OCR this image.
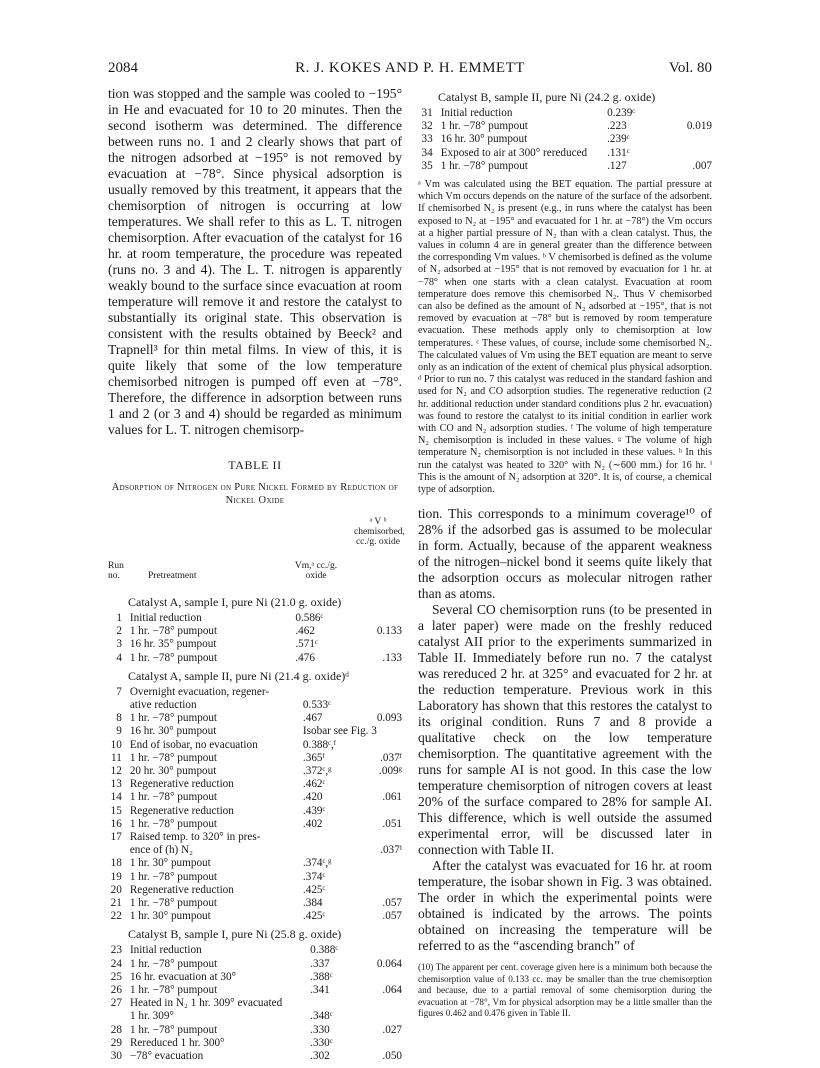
2084	R. J. KOKES AND P. H. EMMETT	Vol. 80

tion was stopped and the sample was cooled to −195° in He and evacuated for 10 to 20 minutes. Then the second isotherm was determined. The difference between runs no. 1 and 2 clearly shows that part of the nitrogen adsorbed at −195° is not removed by evacuation at −78°. Since physical adsorption is usually removed by this treatment, it appears that the chemisorption of nitrogen is occurring at low temperatures. We shall refer to this as L. T. nitrogen chemisorption. After evacuation of the catalyst for 16 hr. at room temperature, the procedure was repeated (runs no. 3 and 4). The L. T. nitrogen is apparently weakly bound to the surface since evacuation at room temperature will remove it and restore the catalyst to substantially its original state. This observation is consistent with the results obtained by Beeck² and Trapnell³ for thin metal films. In view of this, it is quite likely that some of the low temperature chemisorbed nitrogen is pumped off even at −78°. Therefore, the difference in adsorption between runs 1 and 2 (or 3 and 4) should be regarded as minimum values for L. T. nitrogen chemisorp-

TABLE II
Adsorption of Nitrogen on Pure Nickel Formed by Reduction of Nickel Oxide
Run no.	Pretreatment
Vm,ᵃ cc./g. oxide
ᵃ V ᵇ chemisorbed, cc./g. oxide
Catalyst A, sample I, pure Ni (21.0 g. oxide)
1	Initial reduction	0.586ᶜ	
2	1 hr. −78° pumpout	.462	0.133
3	16 hr. 35° pumpout	.571ᶜ	
4	1 hr. −78° pumpout	.476	.133
Catalyst A, sample II, pure Ni (21.4 g. oxide)ᵈ
7	Overnight evacuation, regener-		
	ative reduction	0.533ᶜ	
8	1 hr. −78° pumpout	.467	0.093
9	16 hr. 30° pumpout	Isobar see Fig. 3	
10	End of isobar, no evacuation	0.388ᶜ,ᶠ	
11	1 hr. −78° pumpout	.365ᶠ	.037ᶠ
12	20 hr. 30° pumpout	.372ᶜ,ᵍ	.009ᵍ
13	Regenerative reduction	.462ᶜ	
14	1 hr. −78° pumpout	.420	.061
15	Regenerative reduction	.439ᶜ	
16	1 hr. −78° pumpout	.402	.051
17	Raised temp. to 320° in pres-		
	ence of (h) N₂		.037ⁱ
18	1 hr. 30° pumpout	.374ᶜ,ᵍ	
19	1 hr. −78° pumpout	.374ᶜ	
20	Regenerative reduction	.425ᶜ	
21	1 hr. −78° pumpout	.384	.057
22	1 hr. 30° pumpout	.425ᶜ	.057
Catalyst B, sample I, pure Ni (25.8 g. oxide)
23	Initial reduction	0.388ᶜ	
24	1 hr. −78° pumpout	.337	0.064
25	16 hr. evacuation at 30°	.388ᶜ	
26	1 hr. −78° pumpout	.341	.064
27	Heated in N₂ 1 hr. 309° evacuated		
	1 hr. 309°	.348ᶜ	
28	1 hr. −78° pumpout	.330	.027
29	Rereduced 1 hr. 300°	.330ᶜ	
30	−78° evacuation	.302	.050
Catalyst B, sample II, pure Ni (24.2 g. oxide)
31	Initial reduction	0.239ᶜ	
32	1 hr. −78° pumpout	.223	0.019
33	16 hr. 30° pumpout	.239ᶜ	
34	Exposed to air at 300° rereduced	.131ᶜ	
35	1 hr. −78° pumpout	.127	.007
ᵃ Vm was calculated using the BET equation. The partial pressure at which Vm occurs depends on the nature of the surface of the adsorbent. If chemisorbed N₂ is present (e.g., in runs where the catalyst has been exposed to N₂ at −195° and evacuated for 1 hr. at −78°) the Vm occurs at a higher partial pressure of N₂ than with a clean catalyst. Thus, the values in column 4 are in general greater than the difference between the corresponding Vm values. ᵇ V chemisorbed is defined as the volume of N₂ adsorbed at −195° that is not removed by evacuation for 1 hr. at −78° when one starts with a clean catalyst. Evacuation at room temperature does remove this chemisorbed N₂. Thus V chemisorbed can also be defined as the amount of N₂ adsorbed at −195°, that is not removed by evacuation at −78° but is removed by room temperature evacuation. These methods apply only to chemisorption at low temperatures. ᶜ These values, of course, include some chemisorbed N₂. The calculated values of Vm using the BET equation are meant to serve only as an indication of the extent of chemical plus physical adsorption. ᵈ Prior to run no. 7 this catalyst was reduced in the standard fashion and used for N₂ and CO adsorption studies. The regenerative reduction (2 hr. additional reduction under standard conditions plus 2 hr. evacuation) was found to restore the catalyst to its initial condition in earlier work with CO and N₂ adsorption studies. ᶠ The volume of high temperature N₂ chemisorption is included in these values. ᵍ The volume of high temperature N₂ chemisorption is not included in these values. ʰ In this run the catalyst was heated to 320° with N₂ (∼600 mm.) for 16 hr. ⁱ This is the amount of N₂ adsorption at 320°. It is, of course, a chemical type of adsorption.

tion. This corresponds to a minimum coverage¹⁰ of 28% if the adsorbed gas is assumed to be molecular in form. Actually, because of the apparent weakness of the nitrogen–nickel bond it seems quite likely that the adsorption occurs as molecular nitrogen rather than as atoms.

Several CO chemisorption runs (to be presented in a later paper) were made on the freshly reduced catalyst AII prior to the experiments summarized in Table II. Immediately before run no. 7 the catalyst was rereduced 2 hr. at 325° and evacuated for 2 hr. at the reduction temperature. Previous work in this Laboratory has shown that this restores the catalyst to its original condition. Runs 7 and 8 provide a qualitative check on the low temperature chemisorption. The quantitative agreement with the runs for sample AI is not good. In this case the low temperature chemisorption of nitrogen covers at least 20% of the surface compared to 28% for sample AI. This difference, which is well outside the assumed experimental error, will be discussed later in connection with Table II.

After the catalyst was evacuated for 16 hr. at room temperature, the isobar shown in Fig. 3 was obtained. The order in which the experimental points were obtained is indicated by the arrows. The points obtained on increasing the temperature will be referred to as the “ascending branch” of

(10) The apparent per cent. coverage given here is a minimum both because the chemisorption value of 0.133 cc. may be smaller than the true chemisorption and because, due to a partial removal of some chemisorption during the evacuation at −78°, Vm for physical adsorption may be a little smaller than the figures 0.462 and 0.476 given in Table II.
